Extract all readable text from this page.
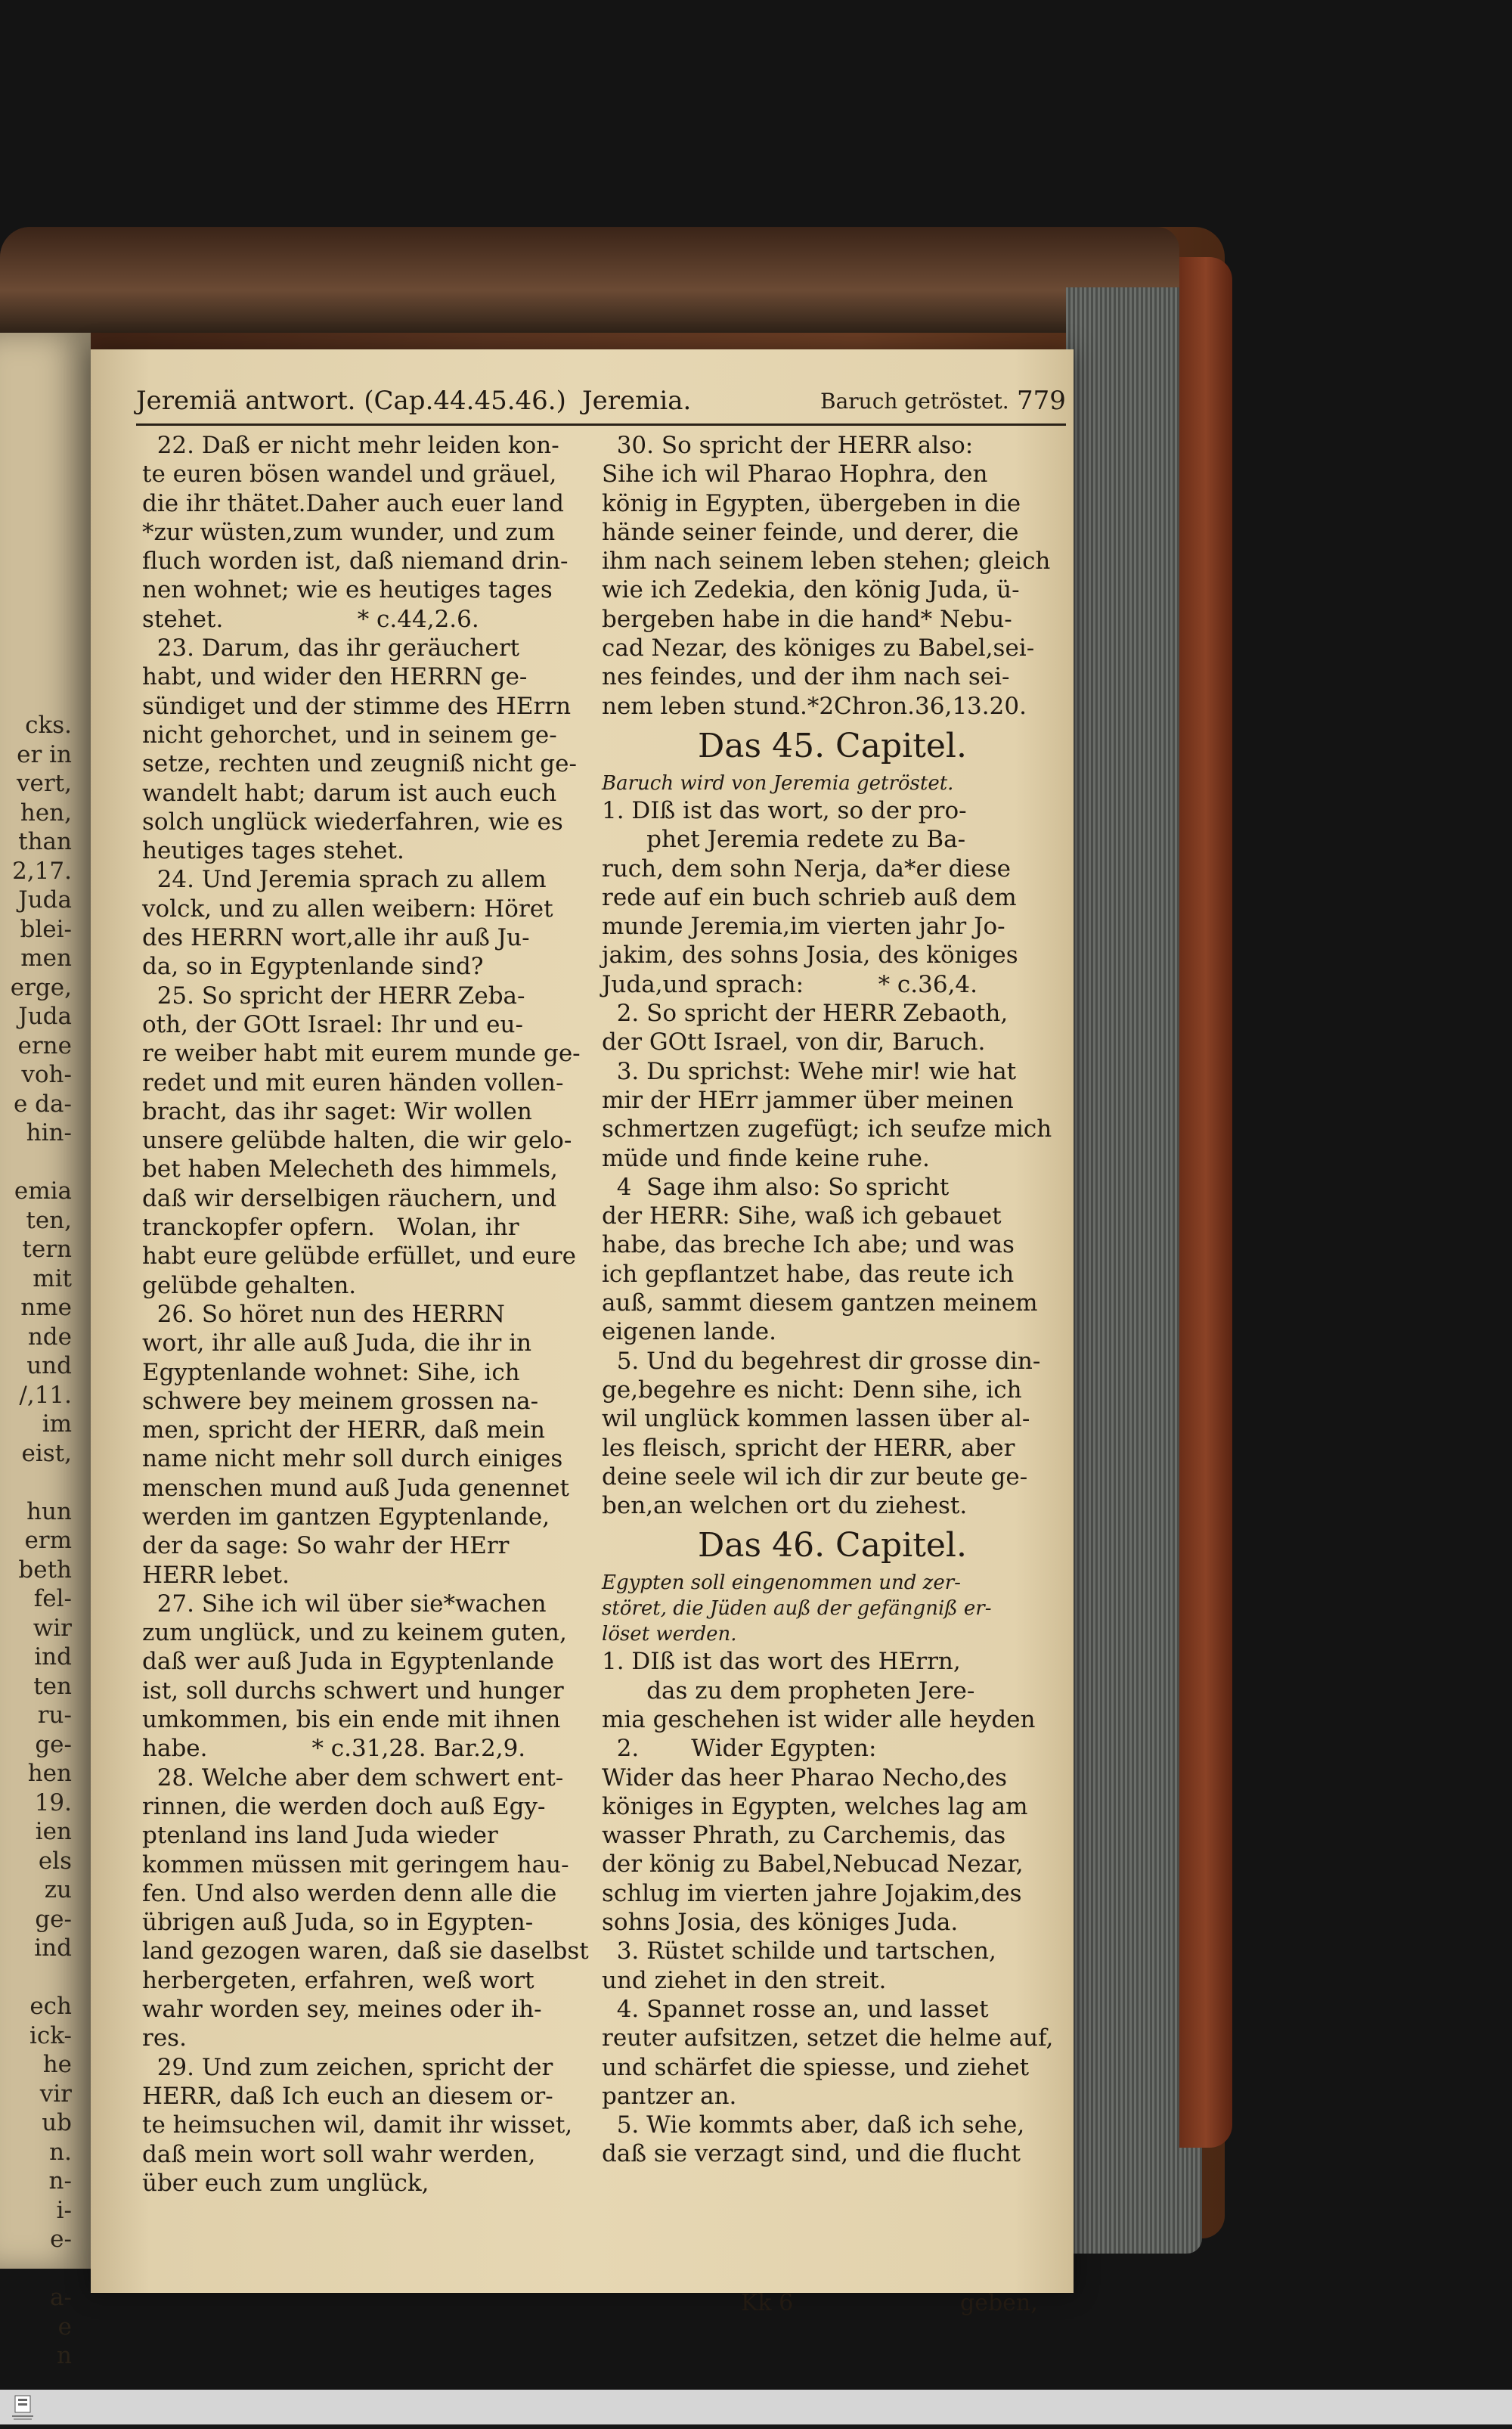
cks.
er in
vert,
hen,
than
2,17.
Juda
blei-
men
erge,
Juda
erne
voh-
e da-
hin-
emia
ten,
tern
mit
nme
nde
und
/,11.
im
eist,
hun
erm
beth
fel-
wir
ind
ten
ru-
ge-
hen
19.
ien
els
zu
ge-
ind
ech
ick-
he
vir
ub
n.
n-
i-
e-
a-
e
n
Jeremiä antwort. (Cap.44.45.46.) Jeremia.	Baruch getröstet. 779

22. Daß er nicht mehr leiden kon-

te euren bösen wandel und gräuel,

die ihr thätet.Daher auch euer land

*zur wüsten,zum wunder, und zum

fluch worden ist, daß niemand drin-

nen wohnet; wie es heutiges tages

stehet.                  * c.44,2.6.

23. Darum, das ihr geräuchert

habt, und wider den HERRN ge-

sündiget und der stimme des HErrn

nicht gehorchet, und in seinem ge-

setze, rechten und zeugniß nicht ge-

wandelt habt; darum ist auch euch

solch unglück wiederfahren, wie es

heutiges tages stehet.

24. Und Jeremia sprach zu allem

volck, und zu allen weibern: Höret

des HERRN wort,alle ihr auß Ju-

da, so in Egyptenlande sind?

25. So spricht der HERR Zeba-

oth, der GOtt Israel: Ihr und eu-

re weiber habt mit eurem munde ge-

redet und mit euren händen vollen-

bracht, das ihr saget: Wir wollen

unsere gelübde halten, die wir gelo-

bet haben Melecheth des himmels,

daß wir derselbigen räuchern, und

tranckopfer opfern.   Wolan, ihr

habt eure gelübde erfüllet, und eure

gelübde gehalten.

26. So höret nun des HERRN

wort, ihr alle auß Juda, die ihr in

Egyptenlande wohnet: Sihe, ich

schwere bey meinem grossen na-

men, spricht der HERR, daß mein

name nicht mehr soll durch einiges

menschen mund auß Juda genennet

werden im gantzen Egyptenlande,

der da sage: So wahr der HErr

HERR lebet.

27. Sihe ich wil über sie*wachen

zum unglück, und zu keinem guten,

daß wer auß Juda in Egyptenlande

ist, soll durchs schwert und hunger

umkommen, bis ein ende mit ihnen

habe.              * c.31,28. Bar.2,9.

28. Welche aber dem schwert ent-

rinnen, die werden doch auß Egy-

ptenland ins land Juda wieder

kommen müssen mit geringem hau-

fen. Und also werden denn alle die

übrigen auß Juda, so in Egypten-

land gezogen waren, daß sie daselbst

herbergeten, erfahren, weß wort

wahr worden sey, meines oder ih-

res.

29. Und zum zeichen, spricht der

HERR, daß Ich euch an diesem or-

te heimsuchen wil, damit ihr wisset,

daß mein wort soll wahr werden,

über euch zum unglück,

30. So spricht der HERR also:

Sihe ich wil Pharao Hophra, den

könig in Egypten, übergeben in die

hände seiner feinde, und derer, die

ihm nach seinem leben stehen; gleich

wie ich Zedekia, den könig Juda, ü-

bergeben habe in die hand* Nebu-

cad Nezar, des königes zu Babel,sei-

nes feindes, und der ihm nach sei-

nem leben stund.*2Chron.36,13.20.

Das 45. Capitel.

Baruch wird von Jeremia getröstet.

1. DIß ist das wort, so der pro-

phet Jeremia redete zu Ba-

ruch, dem sohn Nerja, da*er diese

rede auf ein buch schrieb auß dem

munde Jeremia,im vierten jahr Jo-

jakim, des sohns Josia, des königes

Juda,und sprach:          * c.36,4.

2. So spricht der HERR Zebaoth,

der GOtt Israel, von dir, Baruch.

3. Du sprichst: Wehe mir! wie hat

mir der HErr jammer über meinen

schmertzen zugefügt; ich seufze mich

müde und finde keine ruhe.

4  Sage ihm also: So spricht

der HERR: Sihe, waß ich gebauet

habe, das breche Ich abe; und was

ich gepflantzet habe, das reute ich

auß, sammt diesem gantzen meinem

eigenen lande.

5. Und du begehrest dir grosse din-

ge,begehre es nicht: Denn sihe, ich

wil unglück kommen lassen über al-

les fleisch, spricht der HERR, aber

deine seele wil ich dir zur beute ge-

ben,an welchen ort du ziehest.

Das 46. Capitel.

Egypten soll eingenommen und zer-

störet, die Jüden auß der gefängniß er-

löset werden.

1. DIß ist das wort des HErrn,

das zu dem propheten Jere-

mia geschehen ist wider alle heyden

2.       Wider Egypten:

Wider das heer Pharao Necho,des

königes in Egypten, welches lag am

wasser Phrath, zu Carchemis, das

der könig zu Babel,Nebucad Nezar,

schlug im vierten jahre Jojakim,des

sohns Josia, des königes Juda.

3. Rüstet schilde und tartschen,

und ziehet in den streit.

4. Spannet rosse an, und lasset

reuter aufsitzen, setzet die helme auf,

und schärfet die spiesse, und ziehet

pantzer an.

5. Wie kommts aber, daß ich sehe,

daß sie verzagt sind, und die flucht

Kk 6	geben,
